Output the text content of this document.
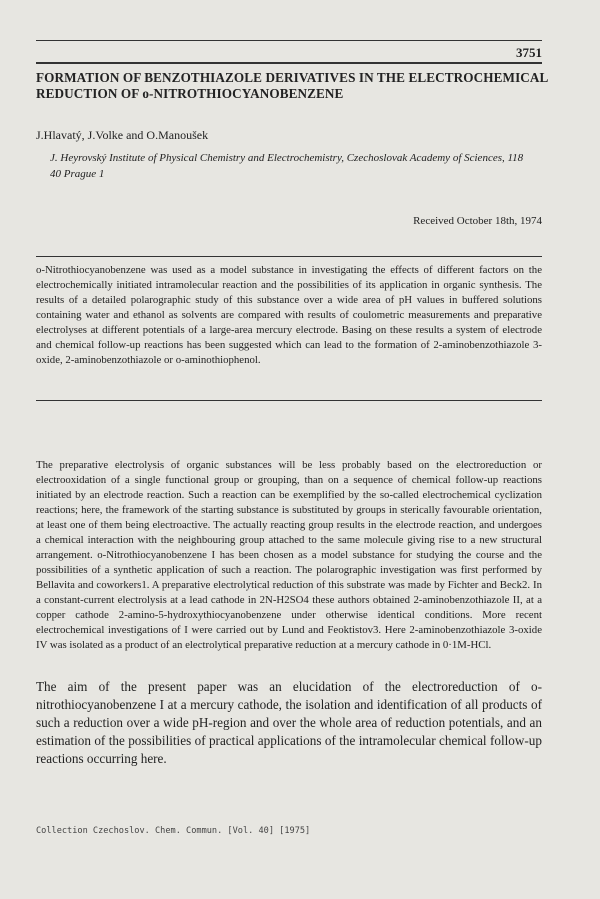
3751
FORMATION OF BENZOTHIAZOLE DERIVATIVES IN THE ELECTROCHEMICAL REDUCTION OF o-NITROTHIOCYANOBENZENE
J.Hlavatý, J.Volke and O.Manoušek
J. Heyrovský Institute of Physical Chemistry and Electrochemistry, Czechoslovak Academy of Sciences, 118 40 Prague 1
Received October 18th, 1974

o-Nitrothiocyanobenzene was used as a model substance in investigating the effects of different factors on the electrochemically initiated intramolecular reaction and the possibilities of its application in organic synthesis. The results of a detailed polarographic study of this substance over a wide area of pH values in buffered solutions containing water and ethanol as solvents are compared with results of coulometric measurements and preparative electrolyses at different potentials of a large-area mercury electrode. Basing on these results a system of electrode and chemical follow-up reactions has been suggested which can lead to the formation of 2-aminobenzothiazole 3-oxide, 2-aminobenzothiazole or o-aminothiophenol.

The preparative electrolysis of organic substances will be less probably based on the electroreduction or electrooxidation of a single functional group or grouping, than on a sequence of chemical follow-up reactions initiated by an electrode reaction. Such a reaction can be exemplified by the so-called electrochemical cyclization reactions; here, the framework of the starting substance is substituted by groups in sterically favourable orientation, at least one of them being electroactive. The actually reacting group results in the electrode reaction, and undergoes a chemical interaction with the neighbouring group attached to the same molecule giving rise to a new structural arrangement. o-Nitrothiocyanobenzene I has been chosen as a model substance for studying the course and the possibilities of a synthetic application of such a reaction. The polarographic investigation was first performed by Bellavita and coworkers1. A preparative electrolytical reduction of this substrate was made by Fichter and Beck2. In a constant-current electrolysis at a lead cathode in 2N-H2SO4 these authors obtained 2-aminobenzothiazole II, at a copper cathode 2-amino-5-hydroxythiocyanobenzene under otherwise identical conditions. More recent electrochemical investigations of I were carried out by Lund and Feoktistov3. Here 2-aminobenzothiazole 3-oxide IV was isolated as a product of an electrolytical preparative reduction at a mercury cathode in 0·1M-HCl.

The aim of the present paper was an elucidation of the electroreduction of o-nitrothiocyanobenzene I at a mercury cathode, the isolation and identification of all products of such a reduction over a wide pH-region and over the whole area of reduction potentials, and an estimation of the possibilities of practical applications of the intramolecular chemical follow-up reactions occurring here.

Collection Czechoslov. Chem. Commun. [Vol. 40] [1975]
